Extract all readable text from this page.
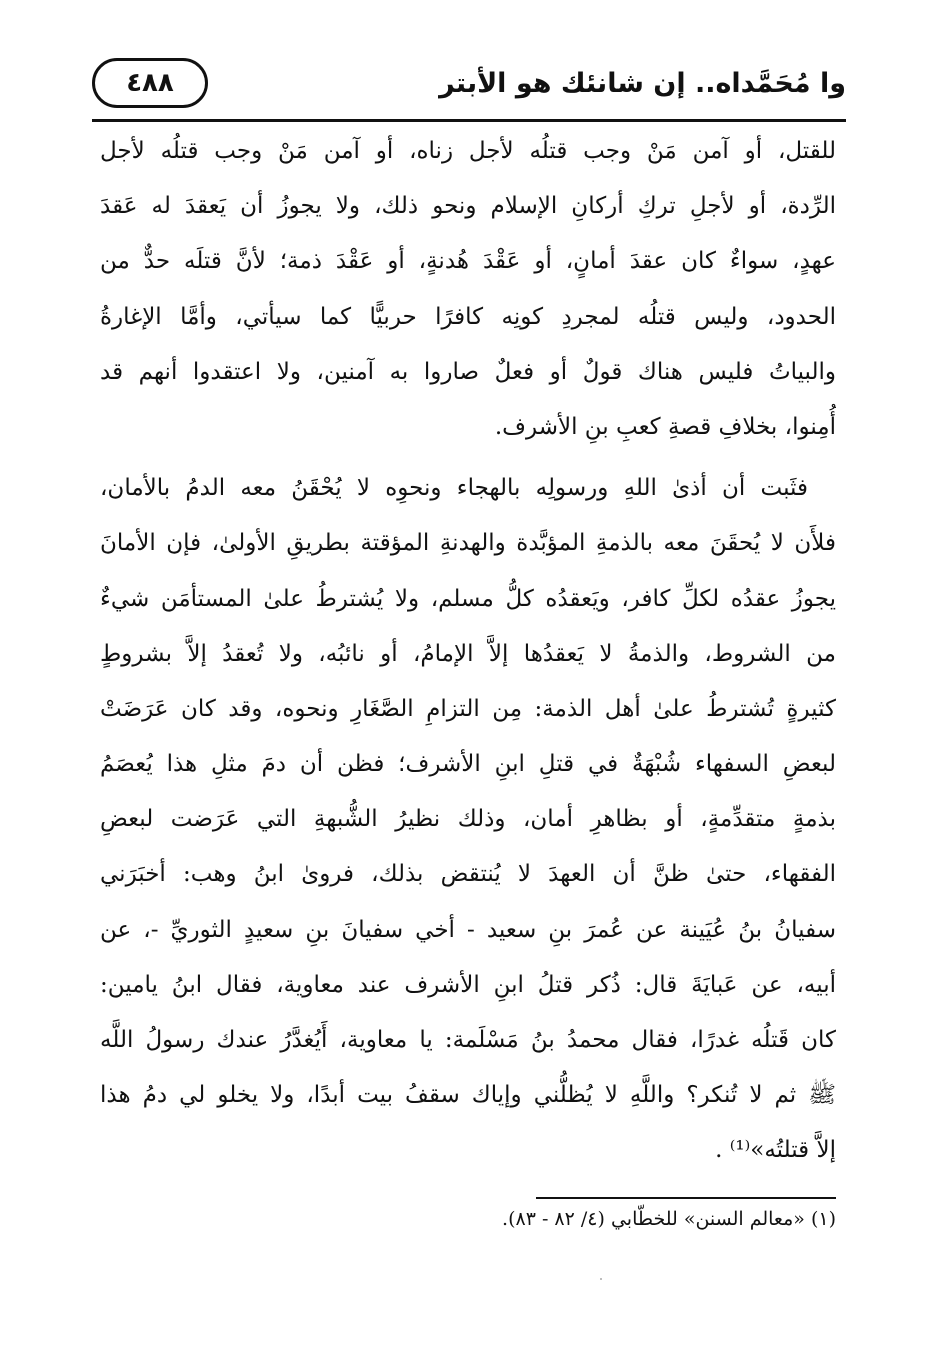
٤٨٨	وا مُحَمَّداه.. إن شانئك هو الأبتر
للقتل، أو آمن مَنْ وجب قتلُه لأجل زناه، أو آمن مَنْ وجب قتلُه لأجل
الرِّدة، أو لأجلِ تركِ أركانِ الإسلام ونحو ذلك، ولا يجوزُ أن يَعقدَ له عَقدَ
عهدٍ، سواءٌ كان عقدَ أمانٍ، أو عَقْدَ هُدنةٍ، أو عَقْدَ ذمة؛ لأنَّ قتلَه حدٌّ من
الحدود، وليس قتلُه لمجردِ كونِه كافرًا حربيًّا كما سيأتي، وأمَّا الإغارةُ
والبياتُ فليس هناك قولٌ أو فعلٌ صاروا به آمنين، ولا اعتقدوا أنهم قد
أُمِنوا، بخلافِ قصةِ كعبِ بنِ الأشرف.
فثَبت أن أذىٰ اللهِ ورسولِه بالهجاء ونحوِه لا يُحْقَنُ معه الدمُ بالأمان،
فلأَن لا يُحقَنَ معه بالذمةِ المؤبَّدة والهدنةِ المؤقتة بطريقِ الأولىٰ، فإن الأمانَ
يجوزُ عقدُه لكلِّ كافر، ويَعقدُه كلُّ مسلم، ولا يُشترطُ علىٰ المستأمَن شيءٌ
من الشروط، والذمةُ لا يَعقدُها إلاَّ الإمامُ، أو نائبُه، ولا تُعقدُ إلاَّ بشروطٍ
كثيرةٍ تُشترطُ علىٰ أهل الذمة: مِن التزامِ الصَّغَارِ ونحوه، وقد كان عَرَضَتْ
لبعضِ السفهاء شُبْهَةٌ في قتلِ ابنِ الأشرف؛ فظن أن دمَ مثلِ هذا يُعصَمُ
بذمةٍ متقدِّمةٍ، أو بظاهرِ أمان، وذلك نظيرُ الشُّبهةِ التي عَرَضت لبعضِ
الفقهاء، حتىٰ ظنَّ أن العهدَ لا يُنتقض بذلك، فروىٰ ابنُ وهب: أخبَرَني
سفيانُ بنُ عُيَينة عن عُمرَ بنِ سعيد - أخي سفيانَ بنِ سعيدٍ الثوريِّ -، عن
أبيه، عن عَبايَةَ قال: ذُكر قتلُ ابنِ الأشرف عند معاوية، فقال ابنُ يامين:
كان قَتلُه غدرًا، فقال محمدُ بنُ مَسْلَمة: يا معاوية، أَيُغدَّرُ عندك رسولُ اللَّه
ﷺ ثم لا تُنكر؟ واللَّهِ لا يُظلُّني وإياك سقفُ بيت أبدًا، ولا يخلو لي دمُ هذا
إلاَّ قتلتُه»⁽¹⁾ .
(١) «معالم السنن» للخطّابي (٤/ ٨٢ - ٨٣).
